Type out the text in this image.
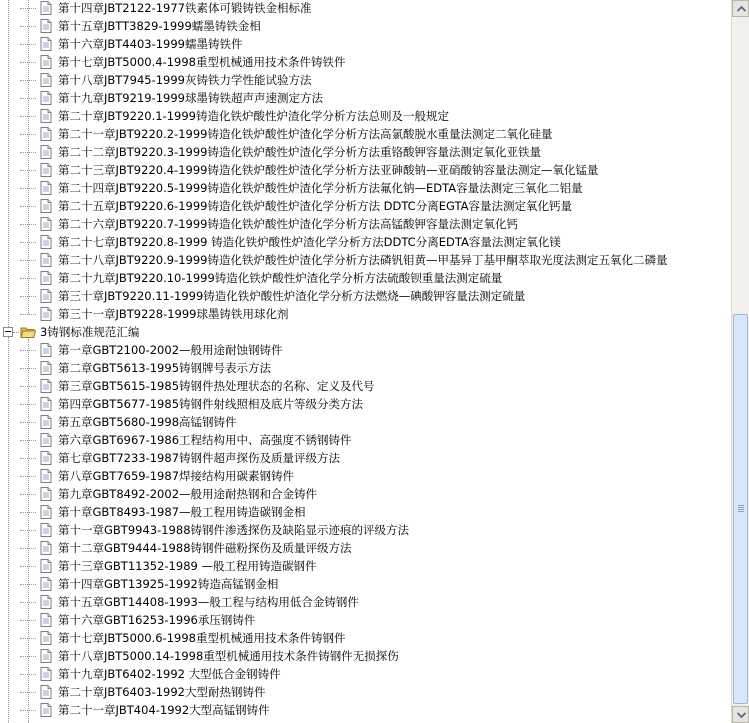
第十四章JBT2122-1977铁素体可锻铸铁金相标准
第十五章JBTT3829-1999蠕墨铸铁金相
第十六章JBT4403-1999蠕墨铸铁件
第十七章JBT5000.4-1998重型机械通用技术条件铸铁件
第十八章JBT7945-1999灰铸铁力学性能试验方法
第十九章JBT9219-1999球墨铸铁超声声速测定方法
第二十章JBT9220.1-1999铸造化铁炉酸性炉渣化学分析方法总则及一般规定
第二十一章JBT9220.2-1999铸造化铁炉酸性炉渣化学分析方法高氯酸脱水重量法测定二氧化硅量
第二十二章JBT9220.3-1999铸造化铁炉酸性炉渣化学分析方法重铬酸钾容量法测定氧化亚铁量
第二十三章JBT9220.4-1999铸造化铁炉酸性炉渣化学分析方法亚砷酸钠—亚硝酸钠容量法测定—氧化锰量
第二十四章JBT9220.5-1999铸造化铁炉酸性炉渣化学分析方法氟化钠—EDTA容量法测定三氧化二铝量
第二十五章JBT9220.6-1999铸造化铁炉酸性炉渣化学分析方法 DDTC分离EGTA容量法测定氧化钙量
第二十六章JBT9220.7-1999铸造化铁炉酸性炉渣化学分析方法高锰酸钾容量法测定氧化钙
第二十七章JBT9220.8-1999 铸造化铁炉酸性炉渣化学分析方法DDTC分离EDTA容量法测定氧化镁
第二十八章JBT9220.9-1999铸造化铁炉酸性炉渣化学分析方法磷钒钼黄—甲基异丁基甲酮萃取光度法测定五氧化二磷量
第二十九章JBT9220.10-1999铸造化铁炉酸性炉渣化学分析方法硫酸钡重量法测定硫量
第三十章JBT9220.11-1999铸造化铁炉酸性炉渣化学分析方法燃烧—碘酸钾容量法测定硫量
第三十一章JBT9228-1999球墨铸铁用球化剂
3铸钢标准规范汇编
第一章GBT2100-2002—般用途耐蚀钢铸件
第二章GBT5613-1995铸钢牌号表示方法
第三章GBT5615-1985铸钢件热处理状态的名称、定义及代号
第四章GBT5677-1985铸钢件射线照相及底片等级分类方法
第五章GBT5680-1998高锰钢铸件
第六章GBT6967-1986工程结构用中、高强度不锈钢铸件
第七章GBT7233-1987铸钢件超声探伤及质量评级方法
第八章GBT7659-1987焊接结构用碳素钢铸件
第九章GBT8492-2002—般用途耐热钢和合金铸件
第十章GBT8493-1987—般工程用铸造碳钢金相
第十一章GBT9943-1988铸钢件渗透探伤及缺陷显示迹痕的评级方法
第十二章GBT9444-1988铸钢件磁粉探伤及质量评级方法
第十三章GBT11352-1989 —般工程用铸造碳钢件
第十四章GBT13925-1992铸造高锰钢金相
第十五章GBT14408-1993—般工程与结构用低合金铸钢件
第十六章GBT16253-1996承压钢铸件
第十七章JBT5000.6-1998重型机械通用技术条件铸钢件
第十八章JBT5000.14-1998重型机械通用技术条件铸钢件无损探伤
第十九章JBT6402-1992 大型低合金钢铸件
第二十章JBT6403-1992大型耐热钢铸件
第二十一章JBT404-1992大型高锰钢铸件
